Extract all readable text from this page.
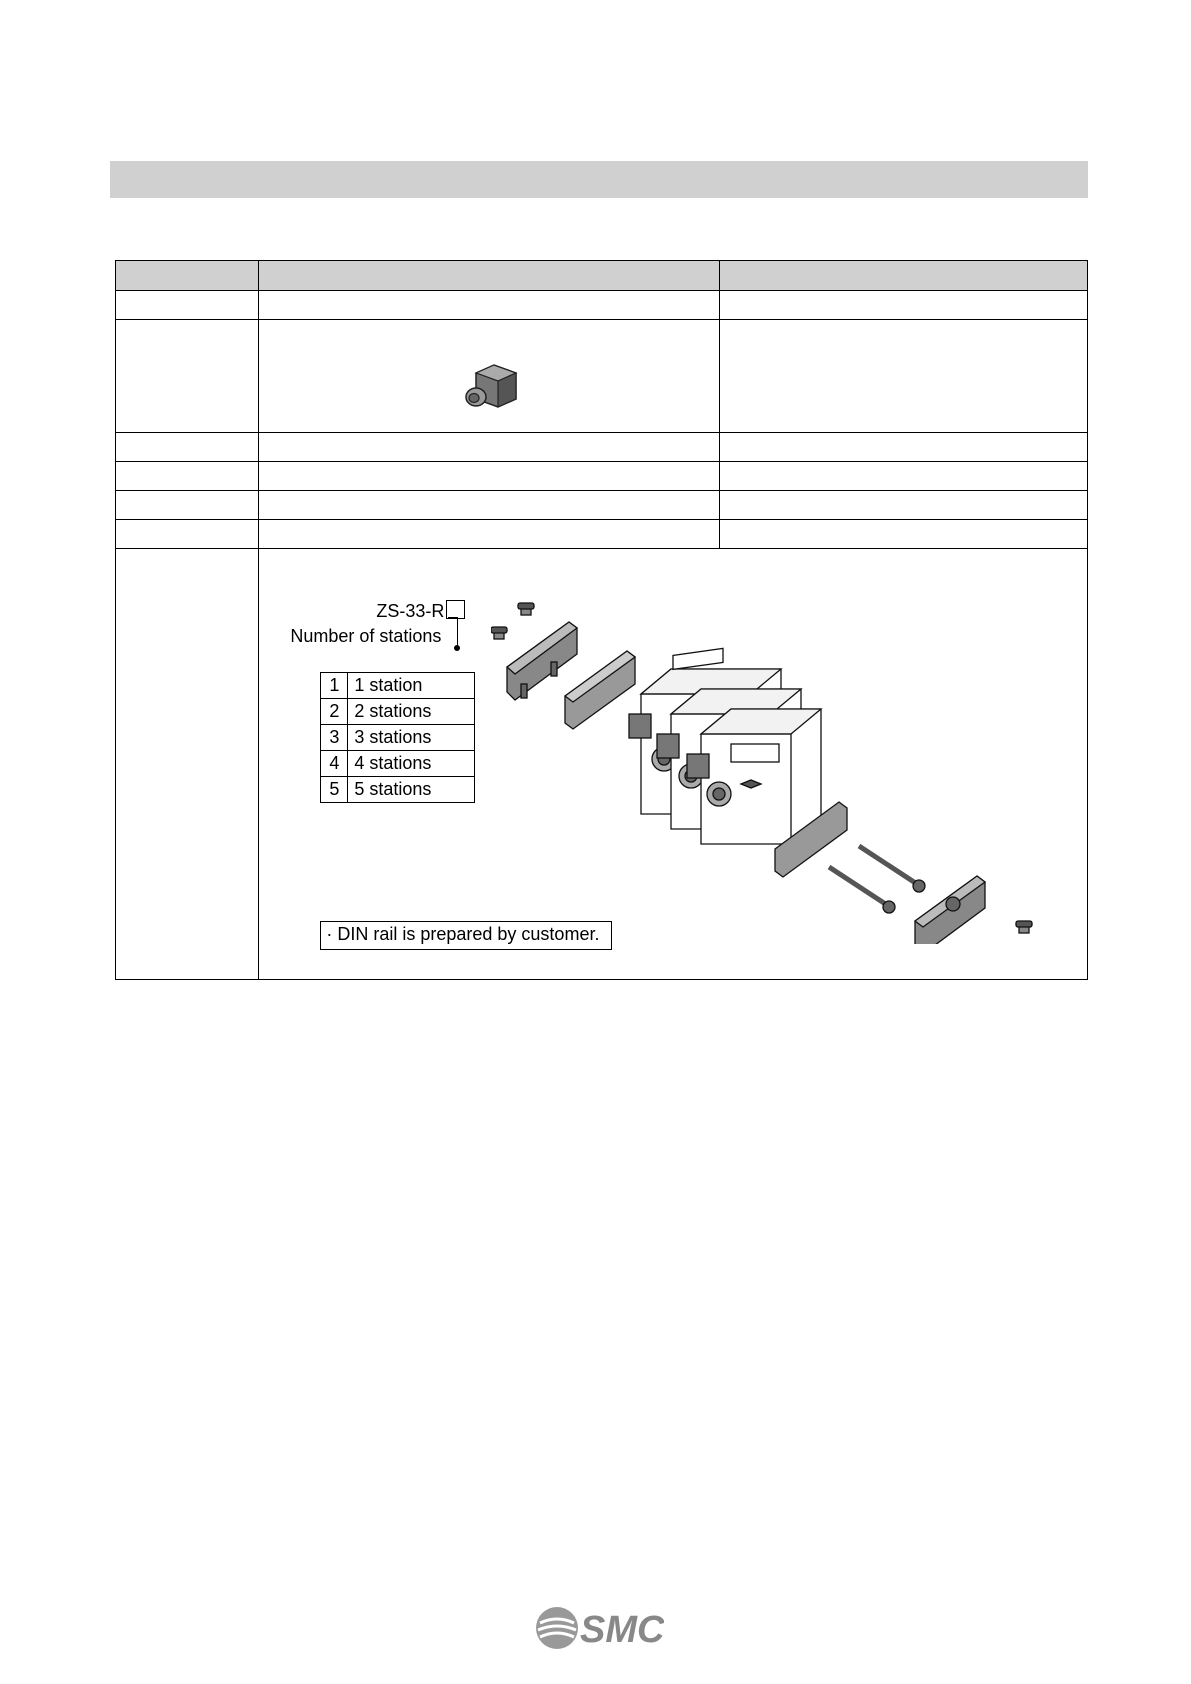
ZS-33-R
Number of stations
1	1 station
2	2 stations
3	3 stations
4	4 stations
5	5 stations
· DIN rail is prepared by customer.
SMC
